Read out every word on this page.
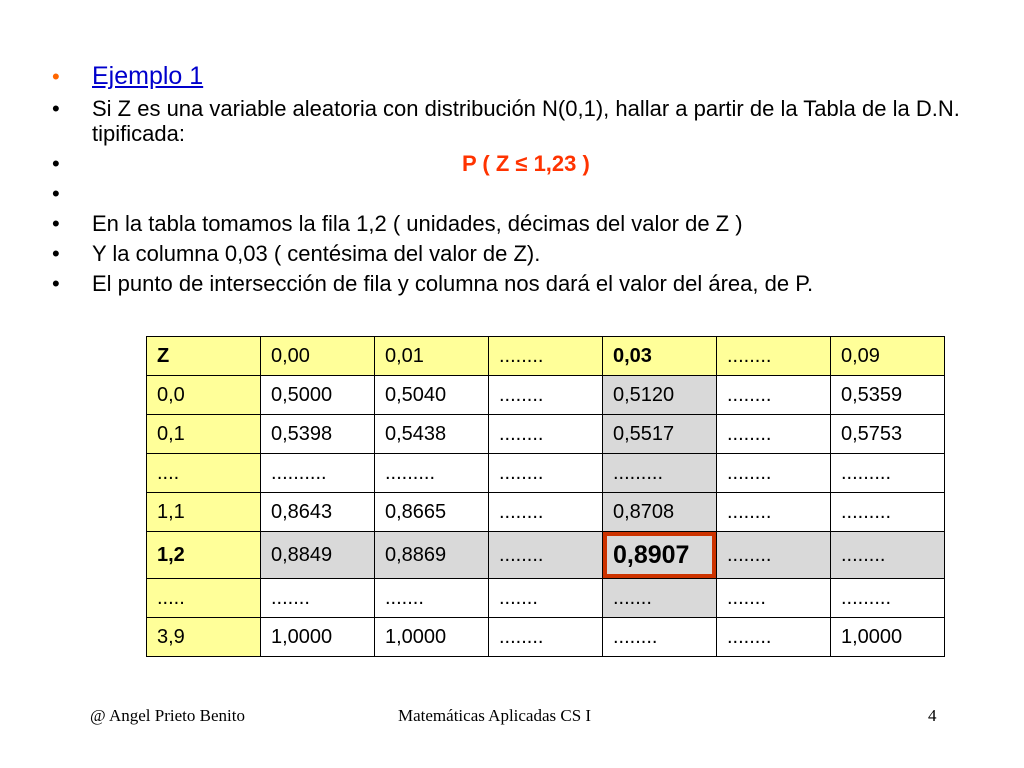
• Ejemplo 1
• Si Z es una variable aleatoria con distribución N(0,1), hallar a partir de la Tabla de la D.N. tipificada:
•	P ( Z ≤ 1,23 )
•
• En la tabla tomamos la fila 1,2 ( unidades, décimas del valor de Z )
• Y la columna 0,03 ( centésima del valor de Z).
• El punto de intersección de fila y columna nos dará el valor del área, de P.
Z	0,00	0,01	........	0,03	........	0,09
0,0	0,5000	0,5040	........	0,5120	........	0,5359
0,1	0,5398	0,5438	........	0,5517	........	0,5753
....	..........	.........	........	.........	........	.........
1,1	0,8643	0,8665	........	0,8708	........	.........
1,2	0,8849	0,8869	........	0,8907	........	........
.....	.......	.......	.......	.......	.......	.........
3,9	1,0000	1,0000	........	........	........	1,0000
@ Angel Prieto Benito	Matemáticas Aplicadas CS I	4
